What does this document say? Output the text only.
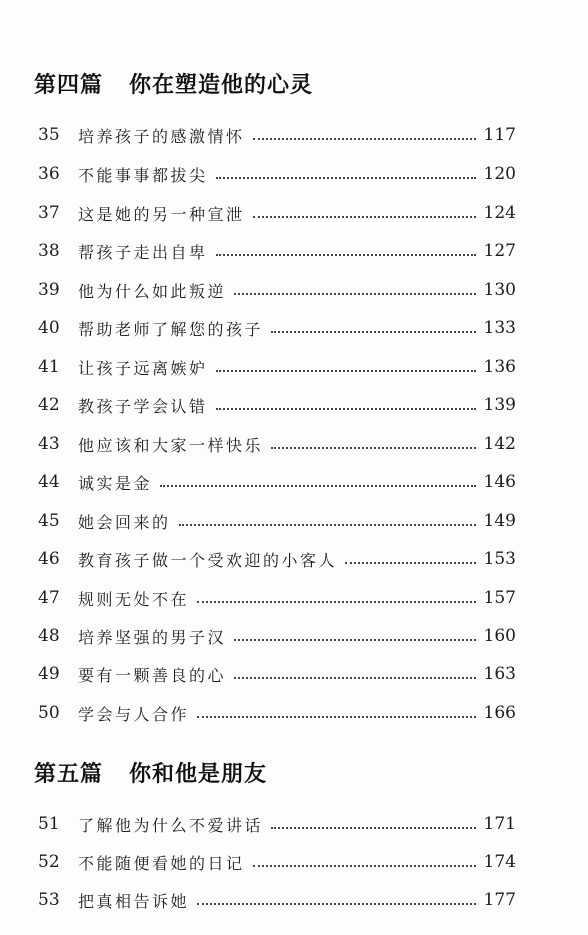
第四篇 你在塑造他的心灵
35	培养孩子的感激情怀	117
36	不能事事都拔尖	120
37	这是她的另一种宣泄	124
38	帮孩子走出自卑	127
39	他为什么如此叛逆	130
40	帮助老师了解您的孩子	133
41	让孩子远离嫉妒	136
42	教孩子学会认错	139
43	他应该和大家一样快乐	142
44	诚实是金	146
45	她会回来的	149
46	教育孩子做一个受欢迎的小客人	153
47	规则无处不在	157
48	培养坚强的男子汉	160
49	要有一颗善良的心	163
50	学会与人合作	166
第五篇 你和他是朋友
51	了解他为什么不爱讲话	171
52	不能随便看她的日记	174
53	把真相告诉她	177
